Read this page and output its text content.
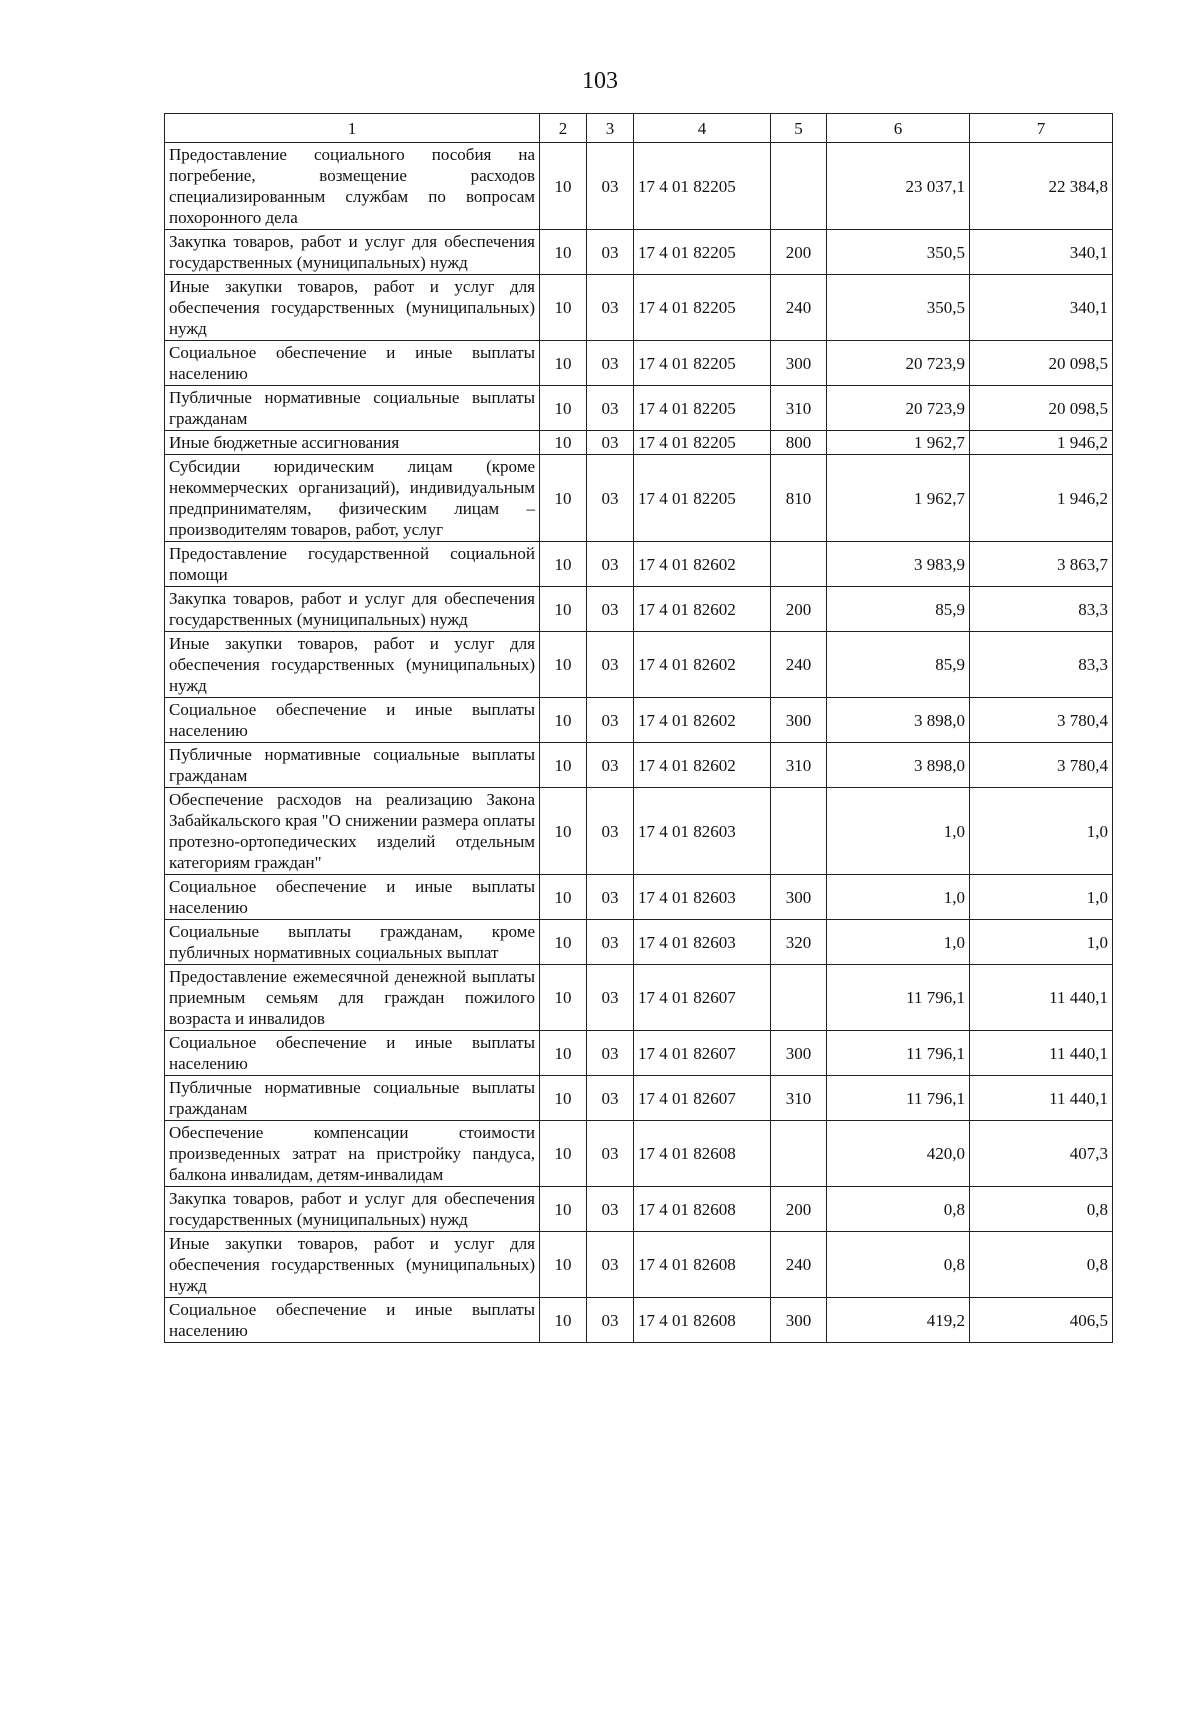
103
1	2	3	4	5	6	7
Предоставление социального пособия на погребение, возмещение расходов специализированным службам по вопросам похоронного дела	10	03	17 4 01 82205		23 037,1	22 384,8
Закупка товаров, работ и услуг для обеспечения государственных (муниципальных) нужд	10	03	17 4 01 82205	200	350,5	340,1
Иные закупки товаров, работ и услуг для обеспечения государственных (муниципальных) нужд	10	03	17 4 01 82205	240	350,5	340,1
Социальное обеспечение и иные выплаты населению	10	03	17 4 01 82205	300	20 723,9	20 098,5
Публичные нормативные социальные выплаты гражданам	10	03	17 4 01 82205	310	20 723,9	20 098,5
Иные бюджетные ассигнования	10	03	17 4 01 82205	800	1 962,7	1 946,2
Субсидии юридическим лицам (кроме некоммерческих организаций), индивидуальным предпринимателям, физическим лицам – производителям товаров, работ, услуг	10	03	17 4 01 82205	810	1 962,7	1 946,2
Предоставление государственной социальной помощи	10	03	17 4 01 82602		3 983,9	3 863,7
Закупка товаров, работ и услуг для обеспечения государственных (муниципальных) нужд	10	03	17 4 01 82602	200	85,9	83,3
Иные закупки товаров, работ и услуг для обеспечения государственных (муниципальных) нужд	10	03	17 4 01 82602	240	85,9	83,3
Социальное обеспечение и иные выплаты населению	10	03	17 4 01 82602	300	3 898,0	3 780,4
Публичные нормативные социальные выплаты гражданам	10	03	17 4 01 82602	310	3 898,0	3 780,4
Обеспечение расходов на реализацию Закона Забайкальского края "О снижении размера оплаты протезно-ортопедических изделий отдельным категориям граждан"	10	03	17 4 01 82603		1,0	1,0
Социальное обеспечение и иные выплаты населению	10	03	17 4 01 82603	300	1,0	1,0
Социальные выплаты гражданам, кроме публичных нормативных социальных выплат	10	03	17 4 01 82603	320	1,0	1,0
Предоставление ежемесячной денежной выплаты приемным семьям для граждан пожилого возраста и инвалидов	10	03	17 4 01 82607		11 796,1	11 440,1
Социальное обеспечение и иные выплаты населению	10	03	17 4 01 82607	300	11 796,1	11 440,1
Публичные нормативные социальные выплаты гражданам	10	03	17 4 01 82607	310	11 796,1	11 440,1
Обеспечение компенсации стоимости произведенных затрат на пристройку пандуса, балкона инвалидам, детям-инвалидам	10	03	17 4 01 82608		420,0	407,3
Закупка товаров, работ и услуг для обеспечения государственных (муниципальных) нужд	10	03	17 4 01 82608	200	0,8	0,8
Иные закупки товаров, работ и услуг для обеспечения государственных (муниципальных) нужд	10	03	17 4 01 82608	240	0,8	0,8
Социальное обеспечение и иные выплаты населению	10	03	17 4 01 82608	300	419,2	406,5
